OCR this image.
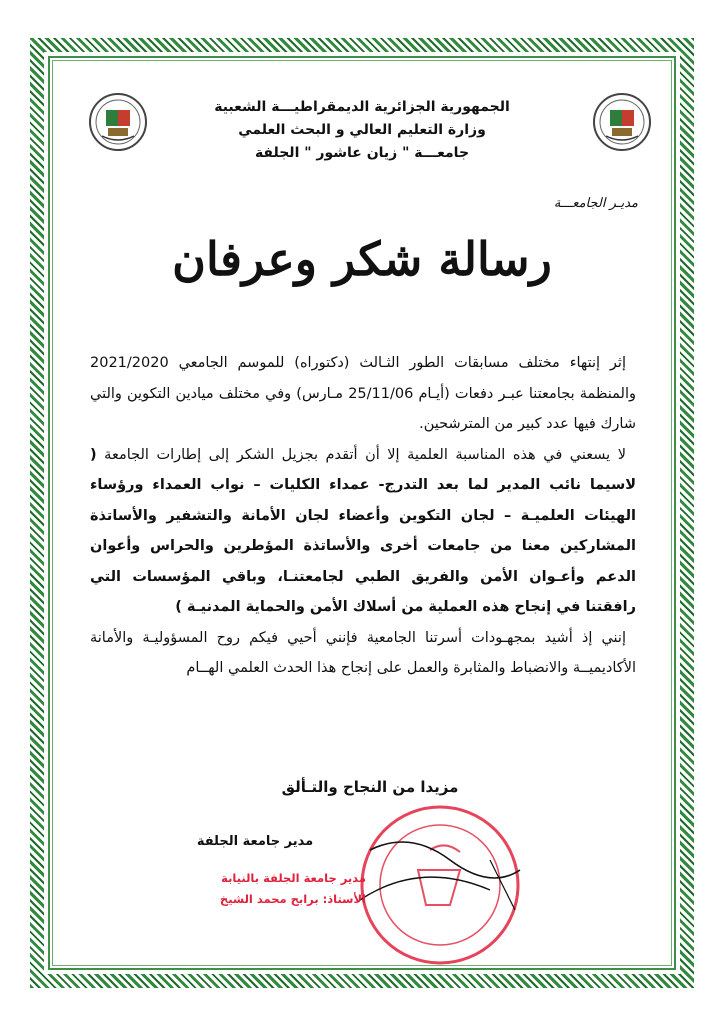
الجمهورية الجزائرية الديمقراطيـــة الشعبية
وزارة التعليم العالي و البحث العلمي
جامعـــة " زيان عاشور " الجلفة
مديـر الجامعـــة
رسالة شكر وعرفان

إثر إنتهاء مختلف مسابقات الطور الثـالث (دكتوراه) للموسم الجامعي 2021/2020 والمنظمة بجامعتنا عبـر دفعات (أيـام 25/11/06 مـارس) وفي مختلف ميادين التكوين والتي شارك فيها عدد كبير من المترشحين.

لا يسعني في هذه المناسبة العلمية إلا أن أتقدم بجزيل الشكر إلى إطارات الجامعة ( لاسيما نائب المدير لما بعد التدرج- عمداء الكليات – نواب العمداء ورؤساء الهيئات العلميـة – لجان التكوين وأعضاء لجان الأمانة والتشفير والأساتذة المشاركين معنا من جامعات أخرى والأساتذة المؤطرين والحراس وأعوان الدعم وأعـوان الأمن والفريق الطبي لجامعتنـا، وباقي المؤسسات التي رافقتنا في إنجاح هذه العملية من أسلاك الأمن والحماية المدنيـة )

إنني إذ أشيد بمجهـودات أسرتنا الجامعية فإنني أحيي فيكم روح المسؤوليـة والأمانة الأكاديميــة والانضباط والمثابرة والعمل على إنجاح هذا الحدث العلمي الهــام

مزيدا من النجاح والتـألق
مدير جامعة الجلفة
مدير جامعة الجلفة بالنيابة
الأستاذ: برابح محمد الشيخ
